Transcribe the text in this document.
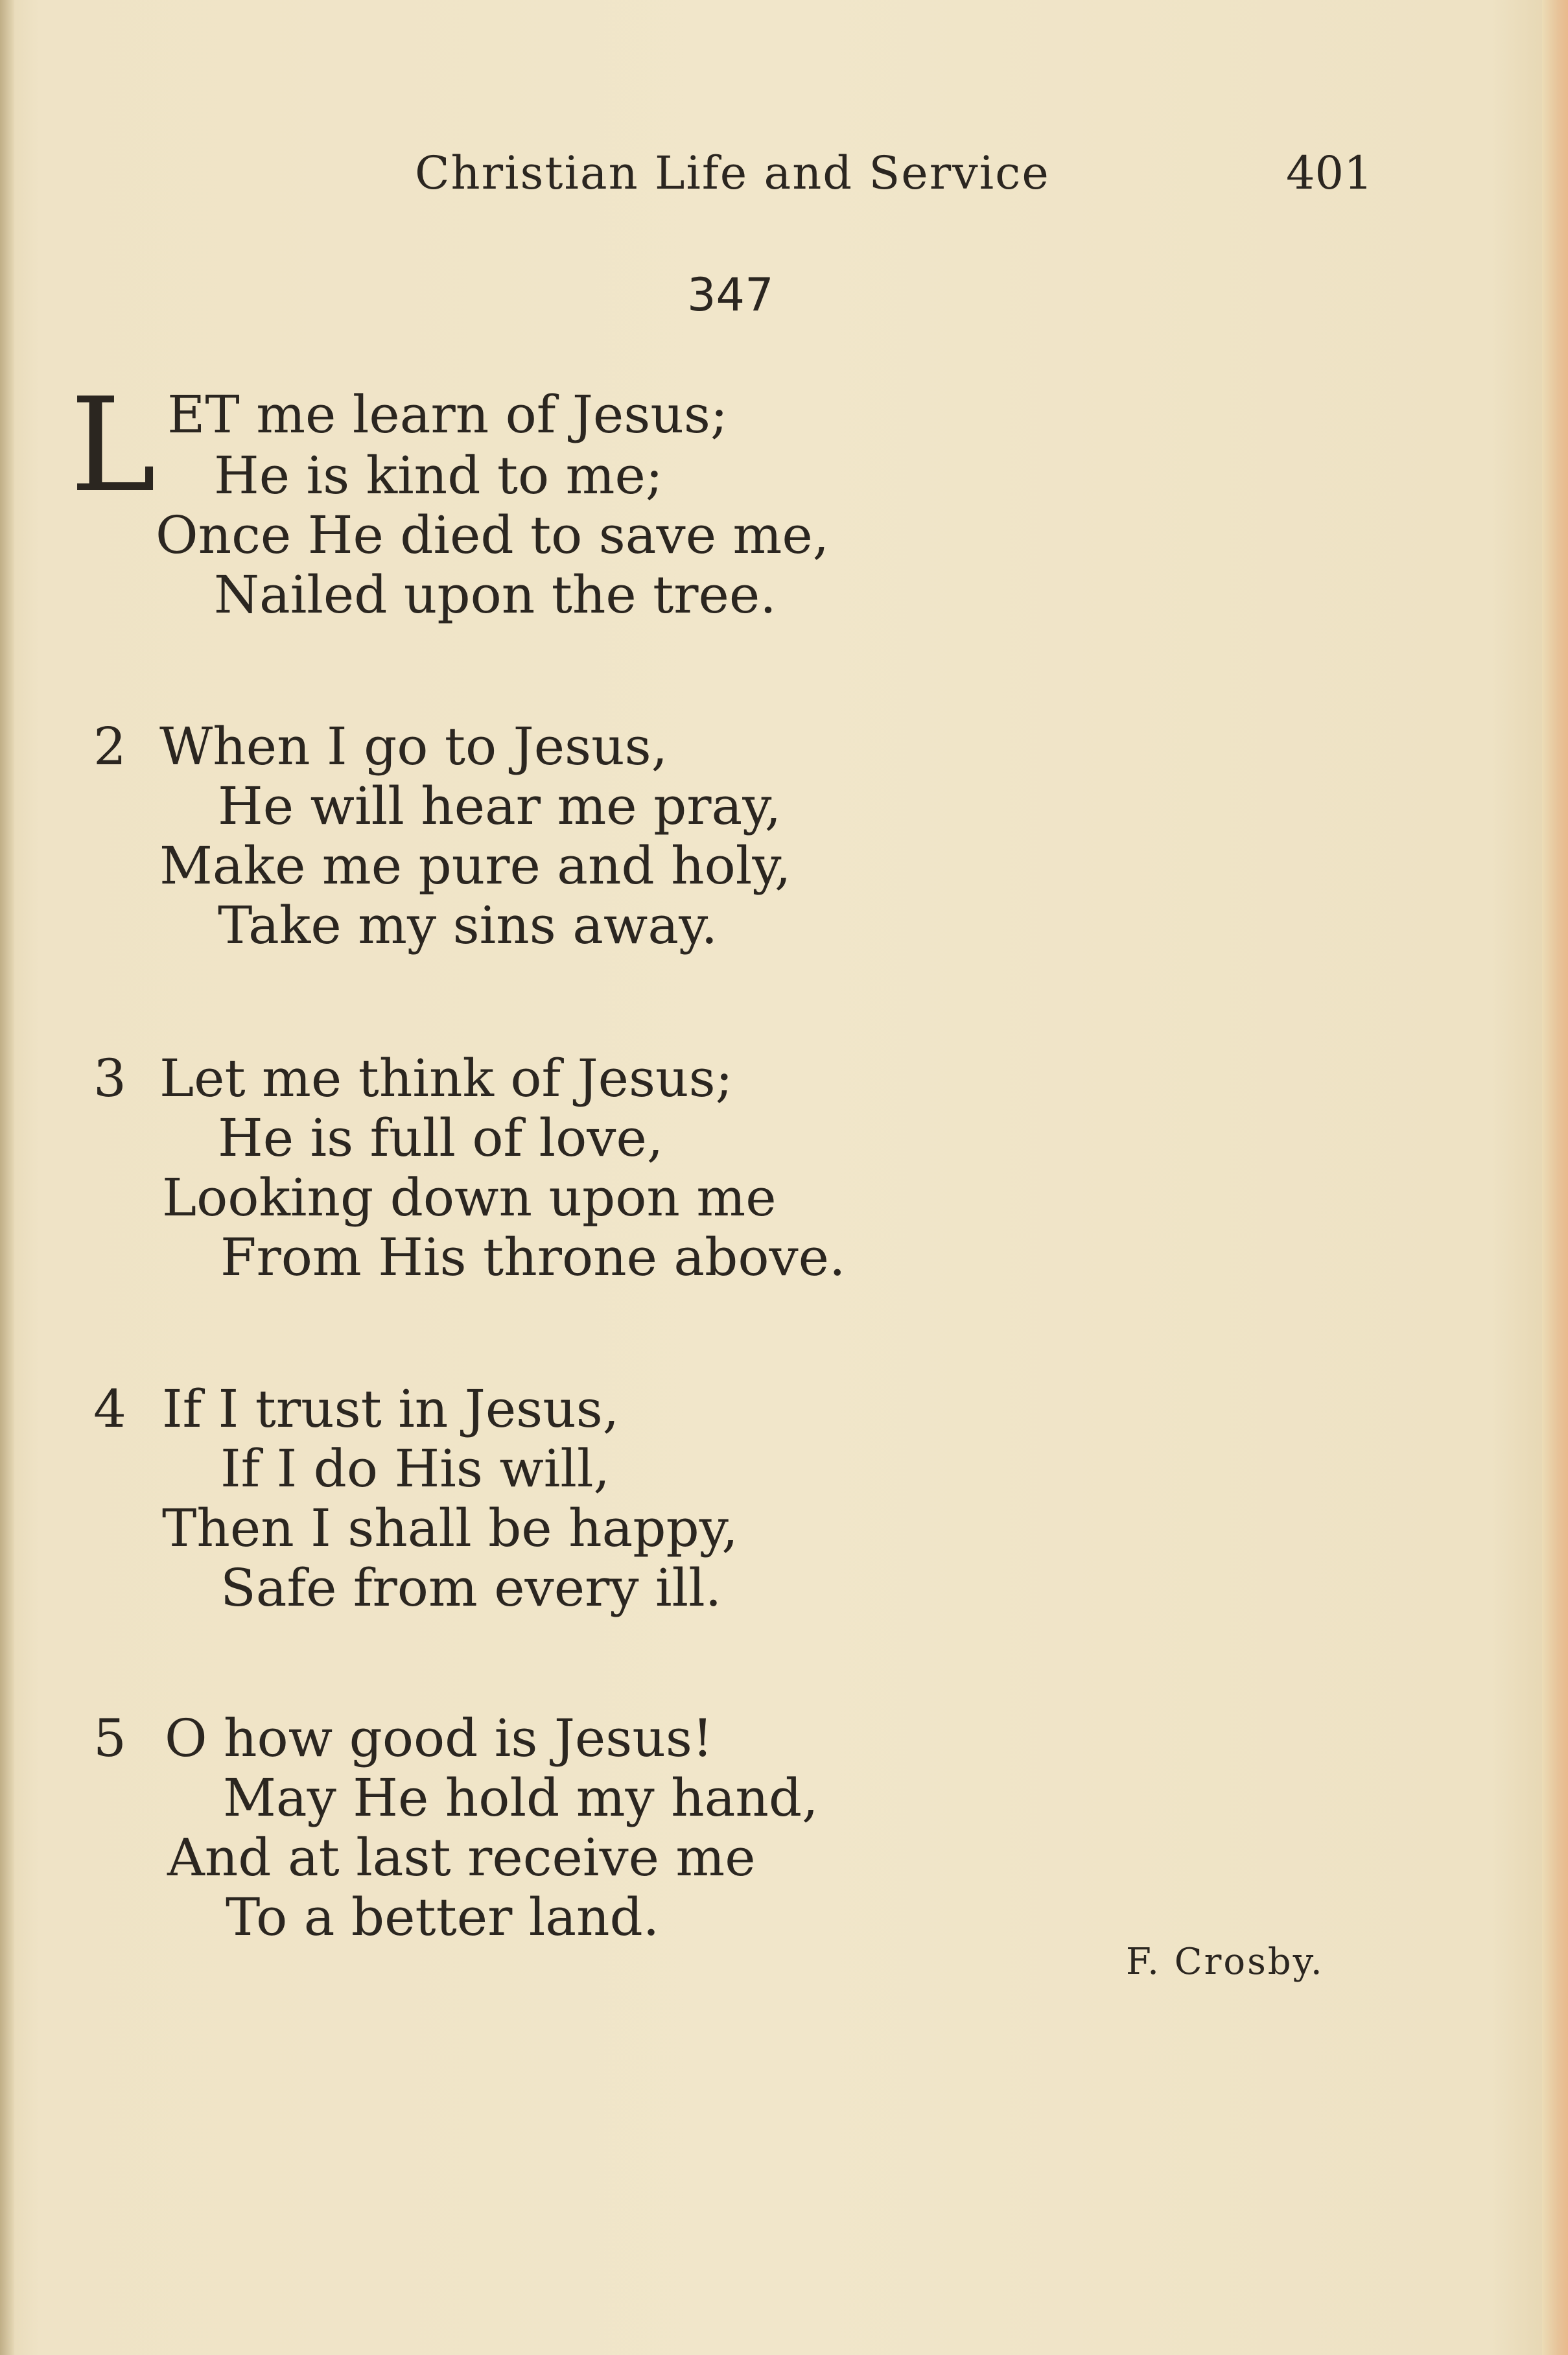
Christian Life and Service	401
347
L ET me learn of Jesus;
He is kind to me;
Once He died to save me,
Nailed upon the tree.
2 When I go to Jesus,
He will hear me pray,
Make me pure and holy,
Take my sins away.
3 Let me think of Jesus;
He is full of love,
Looking down upon me
From His throne above.
4 If I trust in Jesus,
If I do His will,
Then I shall be happy,
Safe from every ill.
5 O how good is Jesus!
May He hold my hand,
And at last receive me
To a better land.
F. Crosby.
